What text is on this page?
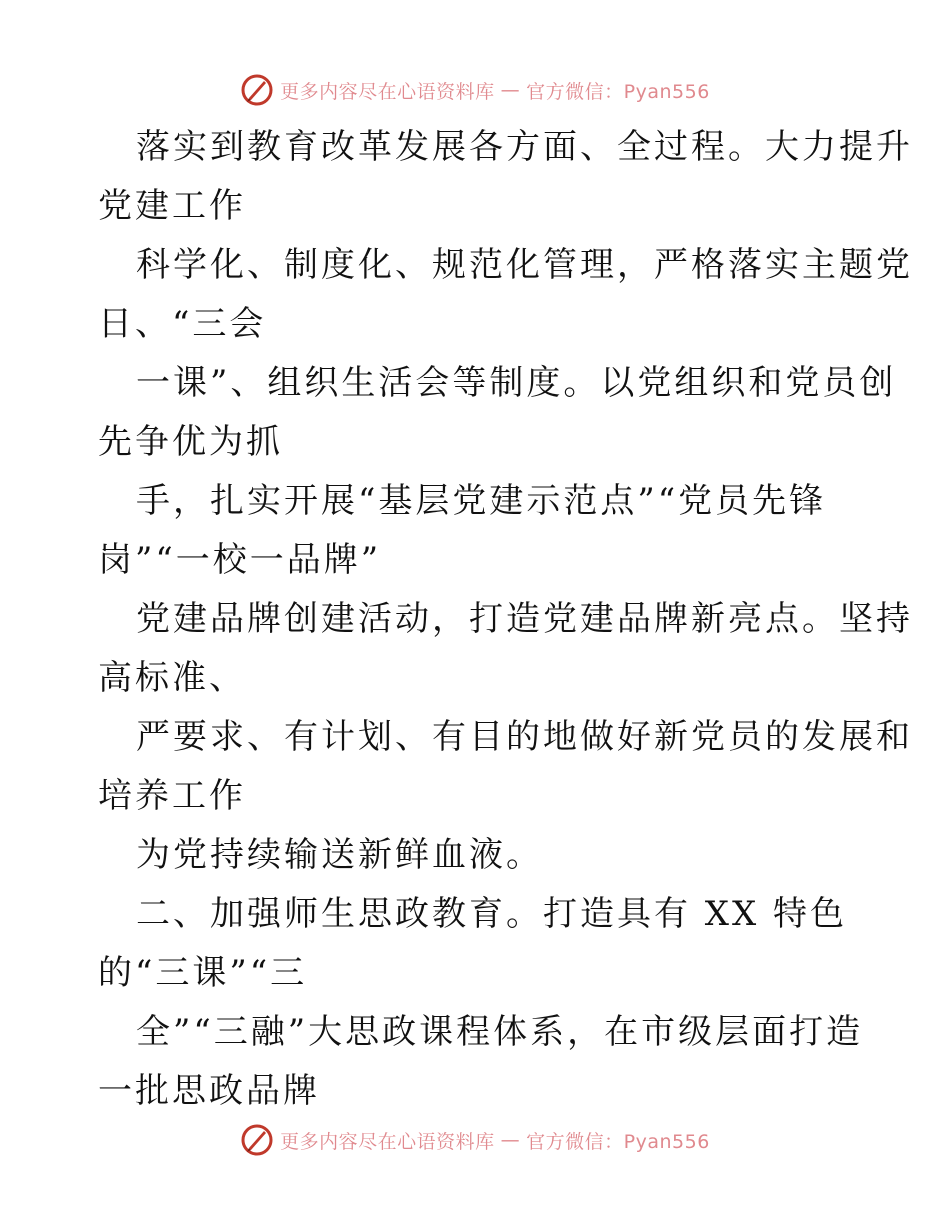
更多内容尽在心语资料库 — 官方微信：Pyan556
落实到教育改革发展各方面、全过程。大力提升
党建工作
科学化、制度化、规范化管理，严格落实主题党
日、“三会
一课”、组织生活会等制度。以党组织和党员创
先争优为抓
手，扎实开展“基层党建示范点”“党员先锋
岗”“一校一品牌”
党建品牌创建活动，打造党建品牌新亮点。坚持
高标准、
严要求、有计划、有目的地做好新党员的发展和
培养工作
为党持续输送新鲜血液。
二、加强师生思政教育。打造具有 XX 特色
的“三课”“三
全”“三融”大思政课程体系，在市级层面打造
一批思政品牌
更多内容尽在心语资料库 — 官方微信：Pyan556
